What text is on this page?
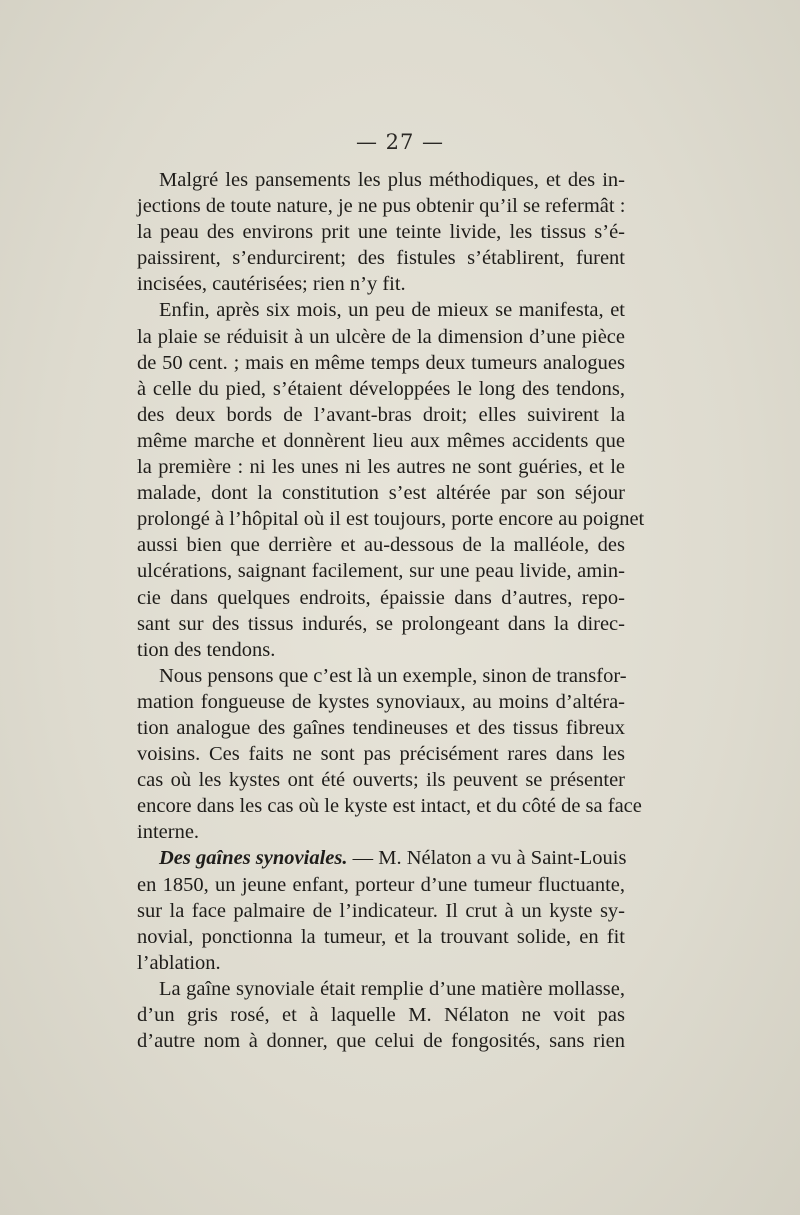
— 27 —
Malgré les pansements les plus méthodiques, et des in-
jections de toute nature, je ne pus obtenir qu’il se refermât :
la peau des environs prit une teinte livide, les tissus s’é-
paissirent, s’endurcirent; des fistules s’établirent, furent
incisées, cautérisées; rien n’y fit.
Enfin, après six mois, un peu de mieux se manifesta, et
la plaie se réduisit à un ulcère de la dimension d’une pièce
de 50 cent. ; mais en même temps deux tumeurs analogues
à celle du pied, s’étaient développées le long des tendons,
des deux bords de l’avant-bras droit; elles suivirent la
même marche et donnèrent lieu aux mêmes accidents que
la première : ni les unes ni les autres ne sont guéries, et le
malade, dont la constitution s’est altérée par son séjour
prolongé à l’hôpital où il est toujours, porte encore au poignet
aussi bien que derrière et au-dessous de la malléole, des
ulcérations, saignant facilement, sur une peau livide, amin-
cie dans quelques endroits, épaissie dans d’autres, repo-
sant sur des tissus indurés, se prolongeant dans la direc-
tion des tendons.
Nous pensons que c’est là un exemple, sinon de transfor-
mation fongueuse de kystes synoviaux, au moins d’altéra-
tion analogue des gaînes tendineuses et des tissus fibreux
voisins. Ces faits ne sont pas précisément rares dans les
cas où les kystes ont été ouverts; ils peuvent se présenter
encore dans les cas où le kyste est intact, et du côté de sa face
interne.
Des gaînes synoviales. — M. Nélaton a vu à Saint-Louis
en 1850, un jeune enfant, porteur d’une tumeur fluctuante,
sur la face palmaire de l’indicateur. Il crut à un kyste sy-
novial, ponctionna la tumeur, et la trouvant solide, en fit
l’ablation.
La gaîne synoviale était remplie d’une matière mollasse,
d’un gris rosé, et à laquelle M. Nélaton ne voit pas
d’autre nom à donner, que celui de fongosités, sans rien
